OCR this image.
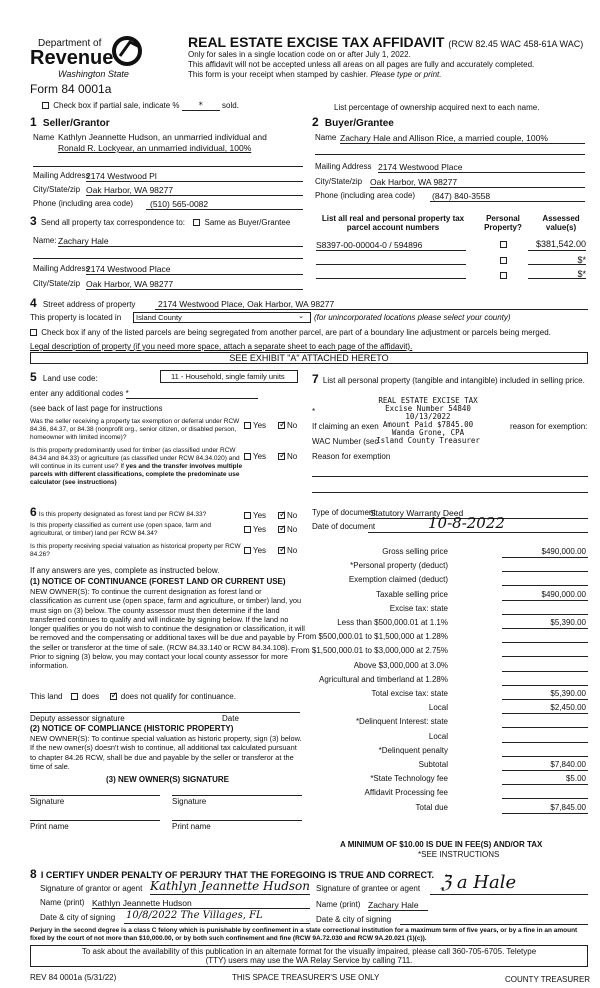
Department of
Revenue
Washington State
Form 84 0001a
REAL ESTATE EXCISE TAX AFFIDAVIT (RCW 82.45 WAC 458-61A WAC)
Only for sales in a single location code on or after July 1, 2022.
This affidavit will not be accepted unless all areas on all pages are fully and accurately completed.
This form is your receipt when stamped by cashier. Please type or print.
Check box if partial sale, indicate % * sold.	List percentage of ownership acquired next to each name.
1 Seller/Grantor
Name Kathlyn Jeannette Hudson, an unmarried individual and
Ronald R. Lockyear, an unmarried individual, 100%
Mailing Address
2174 Westwood Pl
City/State/zip Oak Harbor, WA 98277
Phone (including area code) (510) 565-0082
2 Buyer/Grantee
Name Zachary Hale and Allison Rice, a married couple, 100%
Mailing Address 2174 Westwood Place
City/State/zip Oak Harbor, WA 98277
Phone (including area code) (847) 840-3558
3 Send all property tax correspondence to: Same as Buyer/Grantee
Name: Zachary Hale
Mailing Address
2174 Westwood Place
City/State/zip Oak Harbor, WA 98277
List all real and personal property tax
parcel account numbers
Personal
Property?
Assessed
value(s)
S8397-00-00004-0 / 594896	$381,542.00
$*
$*
4 Street address of property	2174 Westwood Place, Oak Harbor, WA 98277
This property is located in	Island County	⌄ (for unincorporated locations please select your county)
Check box if any of the listed parcels are being segregated from another parcel, are part of a boundary line adjustment or parcels being merged.
Legal description of property (if you need more space, attach a separate sheet to each page of the affidavit).
SEE EXHIBIT "A" ATTACHED HERETO
5 Land use code:	11 - Household, single family units
enter any additional codes *
(see back of last page for instructions
Was the seller receiving a property tax exemption or deferral under RCW 84.36, 84.37, or 84.38 (nonprofit org., senior citizen, or disabled person, homeowner with limited income)?
Yes ✓	No
Is this property predominantly used for timber (as classified under RCW 84.34 and 84.33) or agriculture (as classified under RCW 84.34.020) and will continue in its current use? If yes and the transfer involves multiple parcels with different classifications, complete the predominate use calculator (see instructions)
Yes ✓	No
6 Is this property designated as forest land per RCW 84.33?	Yes ✓	No
Is this property classified as current use (open space, farm and agricultural, or timber) land per RCW 84.34?	Yes ✓	No
Is this property receiving special valuation as historical property per RCW 84.26?	Yes ✓	No
If any answers are yes, complete as instructed below.
(1) NOTICE OF CONTINUANCE (FOREST LAND OR CURRENT USE)
NEW OWNER(S): To continue the current designation as forest land or classification as current use (open space, farm and agriculture, or timber) land, you must sign on (3) below. The county assessor must then determine if the land transferred continues to qualify and will indicate by signing below. If the land no longer qualifies or you do not wish to continue the designation or classification, it will be removed and the compensating or additional taxes will be due and payable by the seller or transferor at the time of sale. (RCW 84.33.140 or RCW 84.34.108). Prior to signing (3) below, you may contact your local county assessor for more information.
This land does ✓	does not qualify for continuance.
Deputy assessor signature	Date
(2) NOTICE OF COMPLIANCE (HISTORIC PROPERTY)
NEW OWNER(S): To continue special valuation as historic property, sign (3) below. If the new owner(s) doesn't wish to continue, all additional tax calculated pursuant to chapter 84.26 RCW, shall be due and payable by the seller or transferor at the time of sale.
(3) NEW OWNER(S) SIGNATURE
Signature	Signature
Print name	Print name
7 List all personal property (tangible and intangible) included in selling price.
*
REAL ESTATE EXCISE TAX
Excise Number 54840
10/13/2022
Amount Paid $7845.00
Wanda Grone, CPA
Island County Treasurer
If claiming an exen	reason for exemption:
WAC Number (sec
Reason for exemption
Type of document
Statutory Warranty Deed
Date of document	10-8-2022
Gross selling price	$490,000.00
*Personal property (deduct)
Exemption claimed (deduct)
Taxable selling price	$490,000.00
Excise tax: state
Less than $500,000.01 at 1.1%	$5,390.00
From $500,000.01 to $1,500,000 at 1.28%
From $1,500,000.01 to $3,000,000 at 2.75%
Above $3,000,000 at 3.0%
Agricultural and timberland at 1.28%
Total excise tax: state	$5,390.00
Local	$2,450.00
*Delinquent Interest: state
Local
*Delinquent penalty
Subtotal	$7,840.00
*State Technology fee	$5.00
Affidavit Processing fee
Total due	$7,845.00
A MINIMUM OF $10.00 IS DUE IN FEE(S) AND/OR TAX
*SEE INSTRUCTIONS
8 I CERTIFY UNDER PENALTY OF PERJURY THAT THE FOREGOING IS TRUE AND CORRECT.
Signature of grantor or agent Kathlyn Jeannette Hudson Signature of grantee or agent ℨ a Hale
Name (print) Kathlyn Jeannette Hudson	Name (print) Zachary Hale
Date & city of signing 10/8/2022 The Villages, FL	Date & city of signing
Perjury in the second degree is a class C felony which is punishable by confinement in a state correctional institution for a maximum term of five years, or by a fine in an amount fixed by the court of not more than $10,000.00, or by both such confinement and fine (RCW 9A.72.030 and RCW 9A.20.021 (1)(c)).
To ask about the availability of this publication in an alternate format for the visually impaired, please call 360-705-6705. Teletype
(TTY) users may use the WA Relay Service by calling 711.
REV 84 0001a (5/31/22)	THIS SPACE TREASURER'S USE ONLY	COUNTY TREASURER
